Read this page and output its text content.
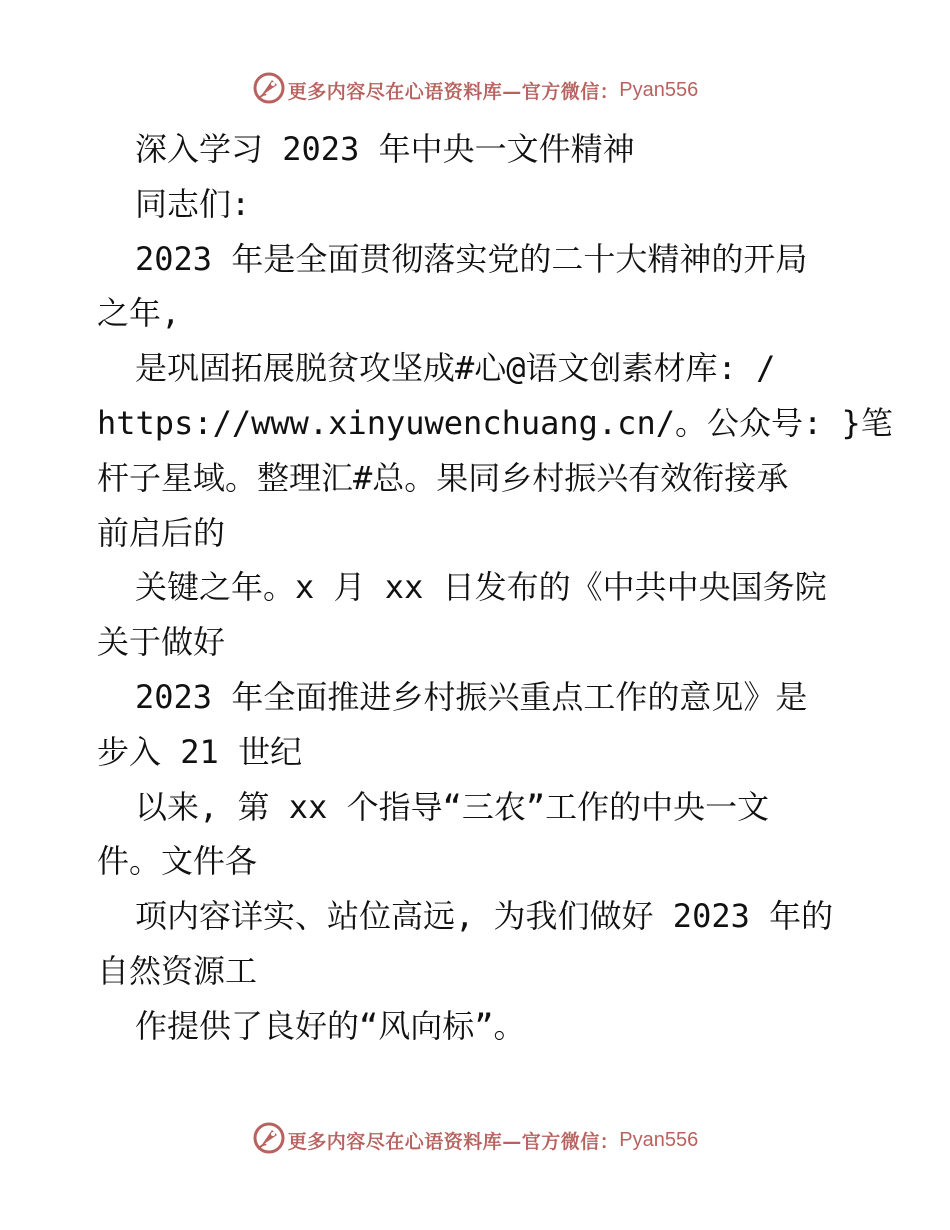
更多内容尽在心语资料库—官方微信： Pyan556
深入学习 2023 年中央一文件精神
同志们:
2023 年是全面贯彻落实党的二十大精神的开局
之年,
是巩固拓展脱贫攻坚成#心@语文创素材库: /
https://www.xinyuwenchuang.cn/。公众号: }笔
杆子星域。整理汇#总。果同乡村振兴有效衔接承
前启后的
关键之年。x 月 xx 日发布的《中共中央国务院
关于做好
2023 年全面推进乡村振兴重点工作的意见》是
步入 21 世纪
以来, 第 xx 个指导“三农”工作的中央一文
件。文件各
项内容详实、站位高远, 为我们做好 2023 年的
自然资源工
作提供了良好的“风向标”。
更多内容尽在心语资料库—官方微信： Pyan556
